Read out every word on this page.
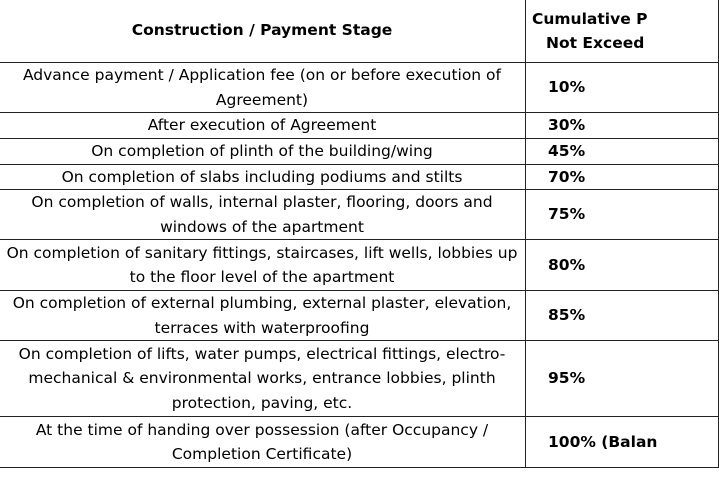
Construction / Payment Stage	Cumulative P
Not Exceed

Advance payment / Application fee (on or before execution of Agreement)	10%
After execution of Agreement	30%
On completion of plinth of the building/wing	45%
On completion of slabs including podiums and stilts	70%
On completion of walls, internal plaster, flooring, doors and windows of the apartment	75%
On completion of sanitary fittings, staircases, lift wells, lobbies up to the floor level of the apartment	80%
On completion of external plumbing, external plaster, elevation, terraces with waterproofing	85%
On completion of lifts, water pumps, electrical fittings, electro-mechanical & environmental works, entrance lobbies, plinth protection, paving, etc.	95%
At the time of handing over possession (after Occupancy / Completion Certificate)	100% (Balan
